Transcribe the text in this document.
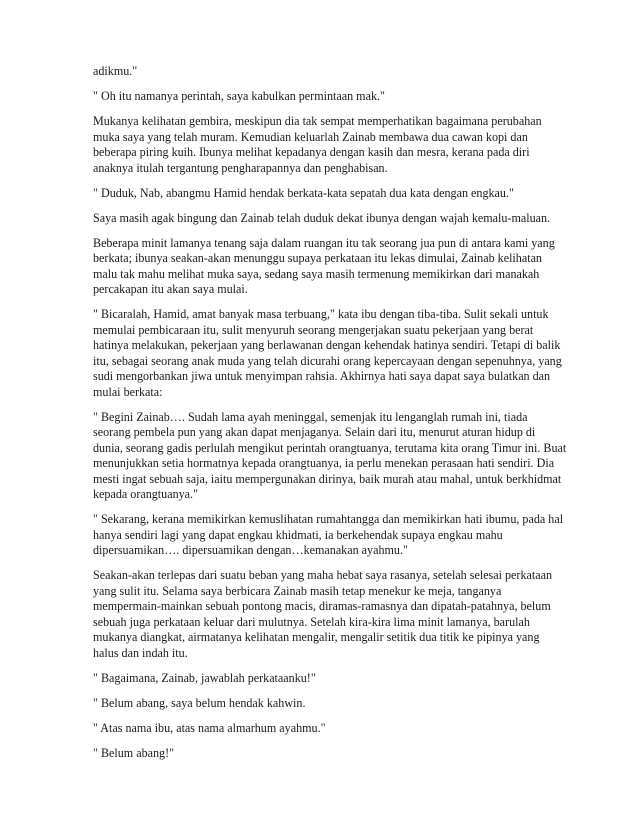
adikmu."

" Oh itu namanya perintah, saya kabulkan permintaan mak."

Mukanya kelihatan gembira, meskipun dia tak sempat memperhatikan bagaimana perubahan
muka saya yang telah muram. Kemudian keluarlah Zainab membawa dua cawan kopi dan
beberapa piring kuih. Ibunya melihat kepadanya dengan kasih dan mesra, kerana pada diri
anaknya itulah tergantung pengharapannya dan penghabisan.

" Duduk, Nab, abangmu Hamid hendak berkata-kata sepatah dua kata dengan engkau."

Saya masih agak bingung dan Zainab telah duduk dekat ibunya dengan wajah kemalu-maluan.

Beberapa minit lamanya tenang saja dalam ruangan itu tak seorang jua pun di antara kami yang
berkata; ibunya seakan-akan menunggu supaya perkataan itu lekas dimulai, Zainab kelihatan
malu tak mahu melihat muka saya, sedang saya masih termenung memikirkan dari manakah
percakapan itu akan saya mulai.

" Bicaralah, Hamid, amat banyak masa terbuang," kata ibu dengan tiba-tiba. Sulit sekali untuk
memulai pembicaraan itu, sulit menyuruh seorang mengerjakan suatu pekerjaan yang berat
hatinya melakukan, pekerjaan yang berlawanan dengan kehendak hatinya sendiri. Tetapi di balik
itu, sebagai seorang anak muda yang telah dicurahi orang kepercayaan dengan sepenuhnya, yang
sudi mengorbankan jiwa untuk menyimpan rahsia. Akhirnya hati saya dapat saya bulatkan dan
mulai berkata:

" Begini Zainab…. Sudah lama ayah meninggal, semenjak itu lenganglah rumah ini, tiada
seorang pembela pun yang akan dapat menjaganya. Selain dari itu, menurut aturan hidup di
dunia, seorang gadis perlulah mengikut perintah orangtuanya, terutama kita orang Timur ini. Buat
menunjukkan setia hormatnya kepada orangtuanya, ia perlu menekan perasaan hati sendiri. Dia
mesti ingat sebuah saja, iaitu mempergunakan dirinya, baik murah atau mahal, untuk berkhidmat
kepada orangtuanya."

" Sekarang, kerana memikirkan kemuslihatan rumahtangga dan memikirkan hati ibumu, pada hal
hanya sendiri lagi yang dapat engkau khidmati, ia berkehendak supaya engkau mahu
dipersuamikan…. dipersuamikan dengan…kemanakan ayahmu."

Seakan-akan terlepas dari suatu beban yang maha hebat saya rasanya, setelah selesai perkataan
yang sulit itu. Selama saya berbicara Zainab masih tetap menekur ke meja, tanganya
mempermain-mainkan sebuah pontong macis, diramas-ramasnya dan dipatah-patahnya, belum
sebuah juga perkataan keluar dari mulutnya. Setelah kira-kira lima minit lamanya, barulah
mukanya diangkat, airmatanya kelihatan mengalir, mengalir setitik dua titik ke pipinya yang
halus dan indah itu.

" Bagaimana, Zainab, jawablah perkataanku!"

" Belum abang, saya belum hendak kahwin.

" Atas nama ibu, atas nama almarhum ayahmu."

" Belum abang!"
